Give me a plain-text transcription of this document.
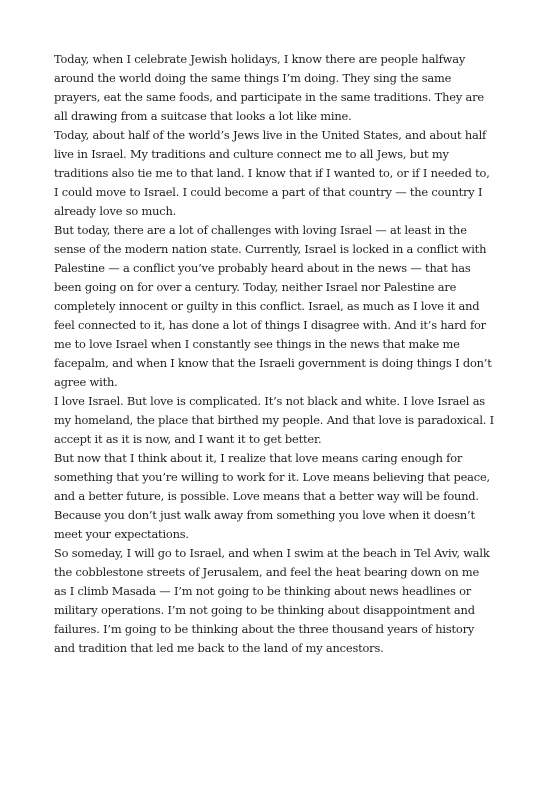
Today, when I celebrate Jewish holidays, I know there are people halfway around the world doing the same things I’m doing. They sing the same prayers, eat the same foods, and participate in the same traditions. They are all drawing from a suitcase that looks a lot like mine.

Today, about half of the world’s Jews live in the United States, and about half live in Israel. My traditions and culture connect me to all Jews, but my traditions also tie me to that land. I know that if I wanted to, or if I needed to, I could move to Israel. I could become a part of that country — the country I already love so much.

But today, there are a lot of challenges with loving Israel — at least in the sense of the modern nation state. Currently, Israel is locked in a conflict with Palestine — a conflict you’ve probably heard about in the news — that has been going on for over a century. Today, neither Israel nor Palestine are completely innocent or guilty in this conflict. Israel, as much as I love it and feel connected to it, has done a lot of things I disagree with. And it’s hard for me to love Israel when I constantly see things in the news that make me facepalm, and when I know that the Israeli government is doing things I don’t agree with.

I love Israel. But love is complicated. It’s not black and white. I love Israel as my homeland, the place that birthed my people. And that love is paradoxical. I accept it as it is now, and I want it to get better.

But now that I think about it, I realize that love means caring enough for something that you’re willing to work for it. Love means believing that peace, and a better future, is possible. Love means that a better way will be found. Because you don’t just walk away from something you love when it doesn’t meet your expectations.

So someday, I will go to Israel, and when I swim at the beach in Tel Aviv, walk the cobblestone streets of Jerusalem, and feel the heat bearing down on me as I climb Masada — I’m not going to be thinking about news headlines or military operations. I’m not going to be thinking about disappointment and failures. I’m going to be thinking about the three thousand years of history and tradition that led me back to the land of my ancestors.
